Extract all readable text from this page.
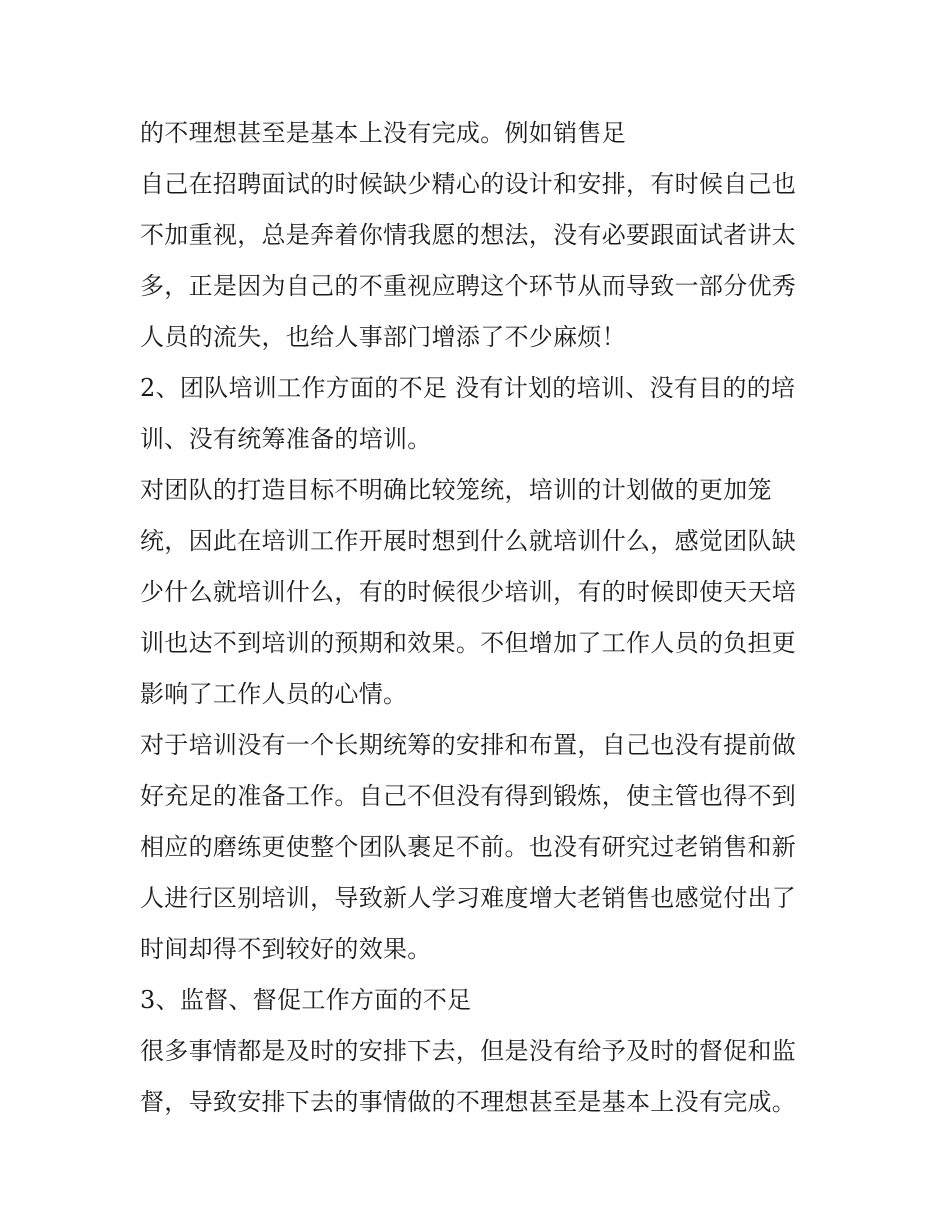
的不理想甚至是基本上没有完成。例如销售足
自己在招聘面试的时候缺少精心的设计和安排，有时候自己也
不加重视，总是奔着你情我愿的想法，没有必要跟面试者讲太
多，正是因为自己的不重视应聘这个环节从而导致一部分优秀
人员的流失，也给人事部门增添了不少麻烦！
2、团队培训工作方面的不足 没有计划的培训、没有目的的培
训、没有统筹准备的培训。
对团队的打造目标不明确比较笼统，培训的计划做的更加笼
统，因此在培训工作开展时想到什么就培训什么，感觉团队缺
少什么就培训什么，有的时候很少培训，有的时候即使天天培
训也达不到培训的预期和效果。不但增加了工作人员的负担更
影响了工作人员的心情。
对于培训没有一个长期统筹的安排和布置，自己也没有提前做
好充足的准备工作。自己不但没有得到锻炼，使主管也得不到
相应的磨练更使整个团队裹足不前。也没有研究过老销售和新
人进行区别培训，导致新人学习难度增大老销售也感觉付出了
时间却得不到较好的效果。
3、监督、督促工作方面的不足
很多事情都是及时的安排下去，但是没有给予及时的督促和监
督，导致安排下去的事情做的不理想甚至是基本上没有完成。
